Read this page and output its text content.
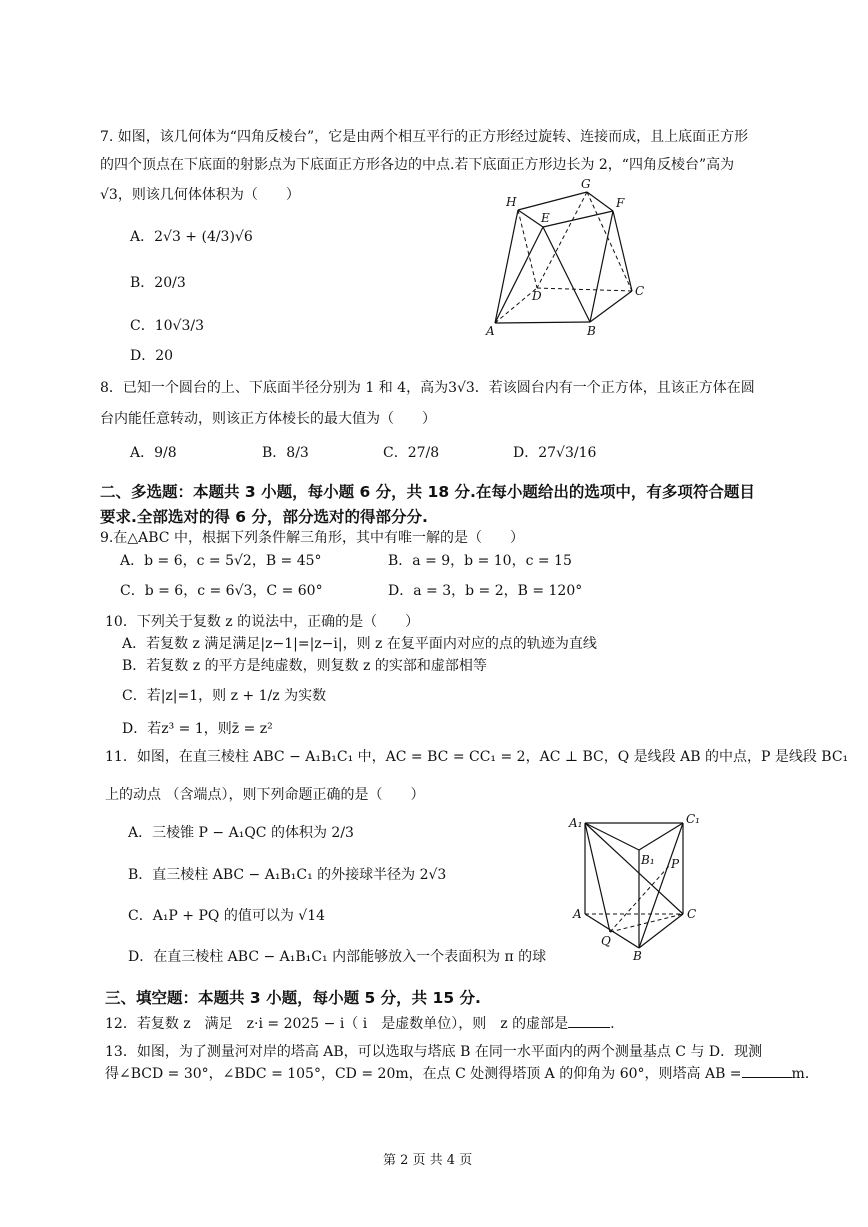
7. 如图，该几何体为“四角反棱台”，它是由两个相互平行的正方形经过旋转、连接而成，且上底面正方形
的四个顶点在下底面的射影点为下底面正方形各边的中点.若下底面正方形边长为 2，“四角反棱台”高为
√3，则该几何体体积为（　　）
A．2√3 + (4/3)√6
B．20/3
C．10√3/3
D．20
H
G
F
E
D	C
A	B
8．已知一个圆台的上、下底面半径分别为 1 和 4，高为3√3．若该圆台内有一个正方体，且该正方体在圆
台内能任意转动，则该正方体棱长的最大值为（　　）
A．9/8	B．8/3	C．27/8	D．27√3/16
二、多选题：本题共 3 小题，每小题 6 分，共 18 分.在每小题给出的选项中，有多项符合题目
要求.全部选对的得 6 分，部分选对的得部分分.
9.在△ABC 中，根据下列条件解三角形，其中有唯一解的是（　　）
A．b = 6，c = 5√2，B = 45°	B．a = 9，b = 10，c = 15
C．b = 6，c = 6√3，C = 60°	D．a = 3，b = 2，B = 120°
10．下列关于复数 z 的说法中，正确的是（　　）
A．若复数 z 满足满足|z−1|=|z−i|，则 z 在复平面内对应的点的轨迹为直线
B．若复数 z 的平方是纯虚数，则复数 z 的实部和虚部相等
C．若|z|=1，则 z + 1/z 为实数
D．若z³ = 1，则z̄ = z²
11．如图，在直三棱柱 ABC − A₁B₁C₁ 中，AC = BC = CC₁ = 2，AC ⊥ BC，Q 是线段 AB 的中点，P 是线段 BC₁
上的动点 （含端点），则下列命题正确的是（　　）
A．三棱锥 P − A₁QC 的体积为 2/3
B．直三棱柱 ABC − A₁B₁C₁ 的外接球半径为 2√3
C．A₁P + PQ 的值可以为 √14
D．在直三棱柱 ABC − A₁B₁C₁ 内部能够放入一个表面积为 π 的球
A₁	C₁
B₁ P
A	C
Q
B
三、填空题：本题共 3 小题，每小题 5 分，共 15 分.
12．若复数 z　满足　z·i = 2025 − i（ i　是虚数单位），则　z 的虚部是	.
13．如图，为了测量河对岸的塔高 AB，可以选取与塔底 B 在同一水平面内的两个测量基点 C 与 D．现测
得∠BCD = 30°，∠BDC = 105°，CD = 20m，在点 C 处测得塔顶 A 的仰角为 60°，则塔高 AB =	m．
第 2 页 共 4 页
